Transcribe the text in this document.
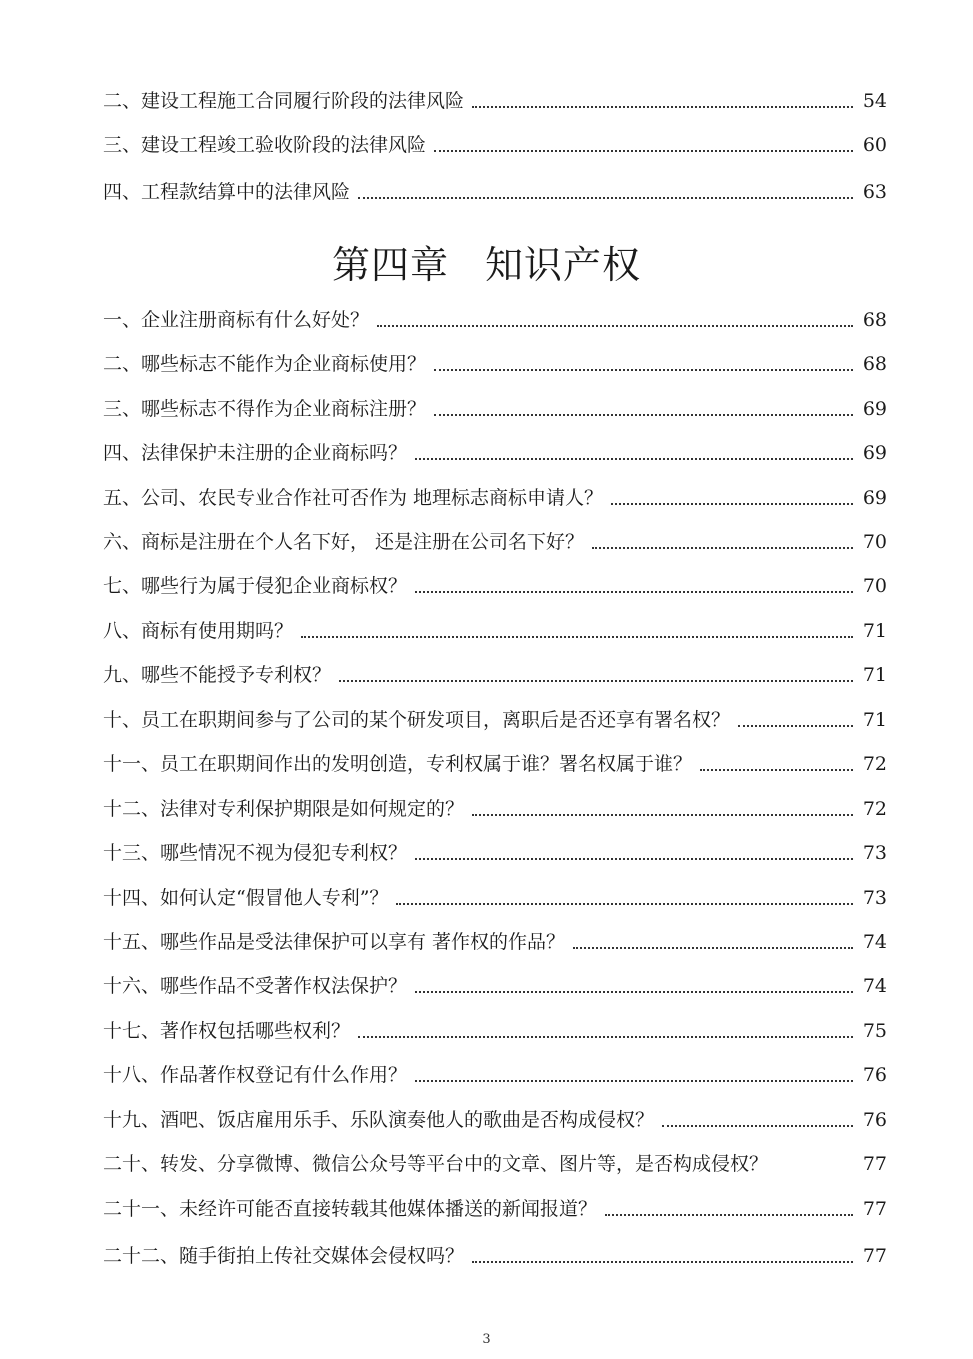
二、建设工程施工合同履行阶段的法律风险	54
三、建设工程竣工验收阶段的法律风险	60
四、工程款结算中的法律风险	63
第四章 知识产权
一、企业注册商标有什么好处？	68
二、哪些标志不能作为企业商标使用？	68
三、哪些标志不得作为企业商标注册？	69
四、法律保护未注册的企业商标吗？	69
五、公司、农民专业合作社可否作为 地理标志商标申请人？	69
六、商标是注册在个人名下好， 还是注册在公司名下好？	70
七、哪些行为属于侵犯企业商标权？	70
八、商标有使用期吗？	71
九、哪些不能授予专利权？	71
十、员工在职期间参与了公司的某个研发项目，离职后是否还享有署名权？	71
十一、员工在职期间作出的发明创造，专利权属于谁？署名权属于谁？	72
十二、法律对专利保护期限是如何规定的？	72
十三、哪些情况不视为侵犯专利权？	73
十四、如何认定“假冒他人专利”？	73
十五、哪些作品是受法律保护可以享有 著作权的作品？	74
十六、哪些作品不受著作权法保护？	74
十七、著作权包括哪些权利？	75
十八、作品著作权登记有什么作用？	76
十九、酒吧、饭店雇用乐手、乐队演奏他人的歌曲是否构成侵权？	76
二十、转发、分享微博、微信公众号等平台中的文章、图片等，是否构成侵权？	77
二十一、未经许可能否直接转载其他媒体播送的新闻报道？	77
二十二、随手街拍上传社交媒体会侵权吗？	77
3
